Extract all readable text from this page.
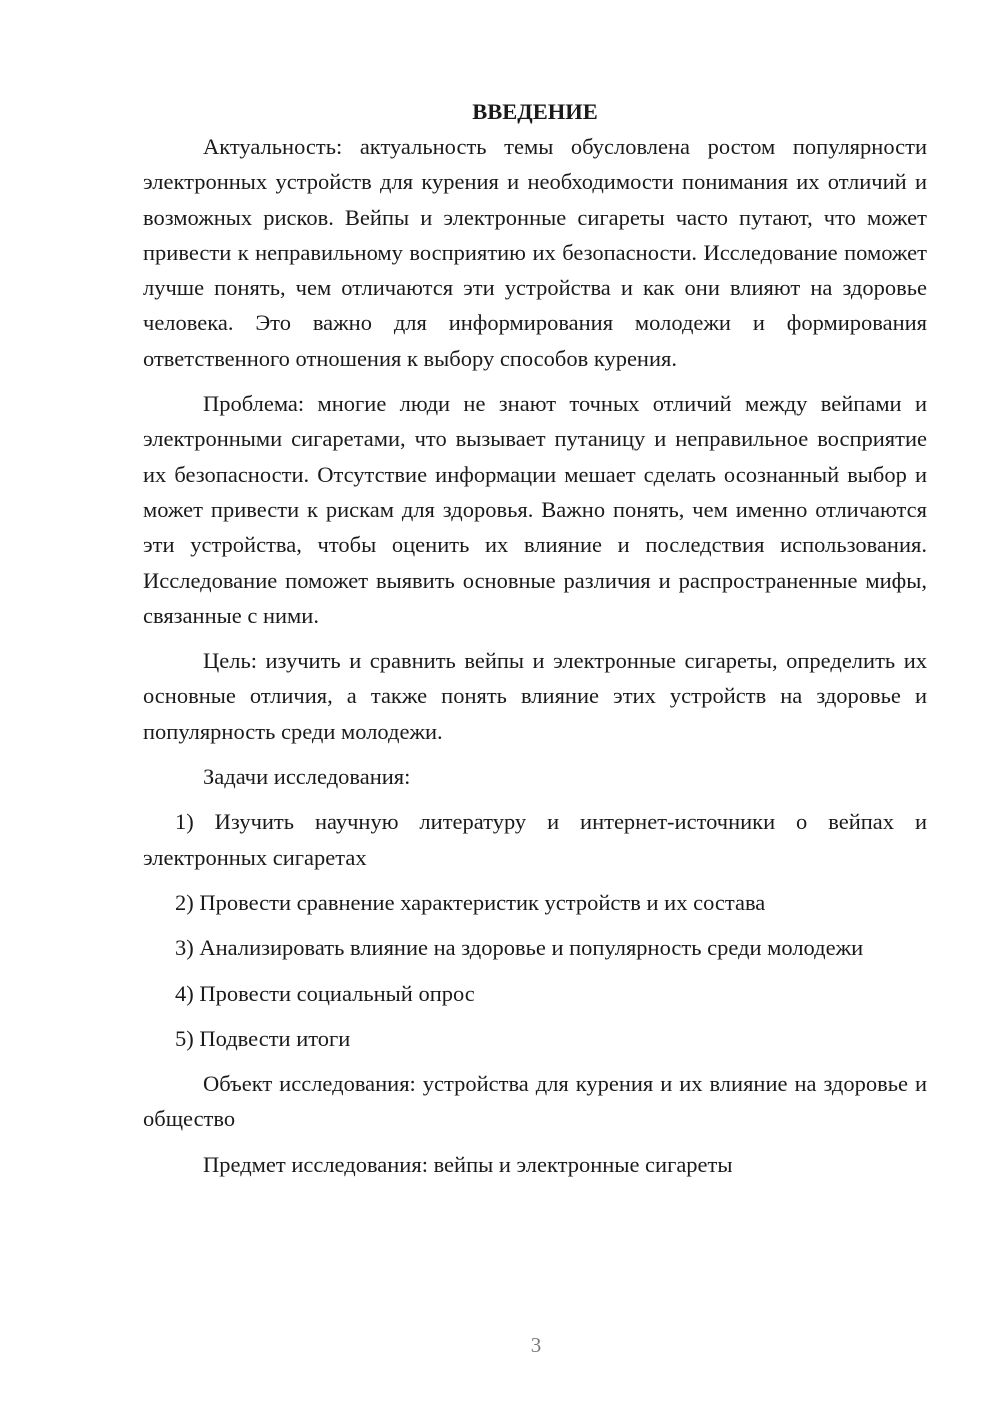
ВВЕДЕНИЕ

Актуальность: актуальность темы обусловлена ростом популярности электронных устройств для курения и необходимости понимания их отличий и возможных рисков. Вейпы и электронные сигареты часто путают, что может привести к неправильному восприятию их безопасности. Исследование поможет лучше понять, чем отличаются эти устройства и как они влияют на здоровье человека. Это важно для информирования молодежи и формирования ответственного отношения к выбору способов курения.

Проблема: многие люди не знают точных отличий между вейпами и электронными сигаретами, что вызывает путаницу и неправильное восприятие их безопасности. Отсутствие информации мешает сделать осознанный выбор и может привести к рискам для здоровья. Важно понять, чем именно отличаются эти устройства, чтобы оценить их влияние и последствия использования. Исследование поможет выявить основные различия и распространенные мифы, связанные с ними.

Цель: изучить и сравнить вейпы и электронные сигареты, определить их основные отличия, а также понять влияние этих устройств на здоровье и популярность среди молодежи.

Задачи исследования:

1) Изучить научную литературу и интернет-источники о вейпах и электронных сигаретах

2) Провести сравнение характеристик устройств и их состава

3) Анализировать влияние на здоровье и популярность среди молодежи

4) Провести социальный опрос

5) Подвести итоги

Объект исследования: устройства для курения и их влияние на здоровье и общество

Предмет исследования: вейпы и электронные сигареты

3
